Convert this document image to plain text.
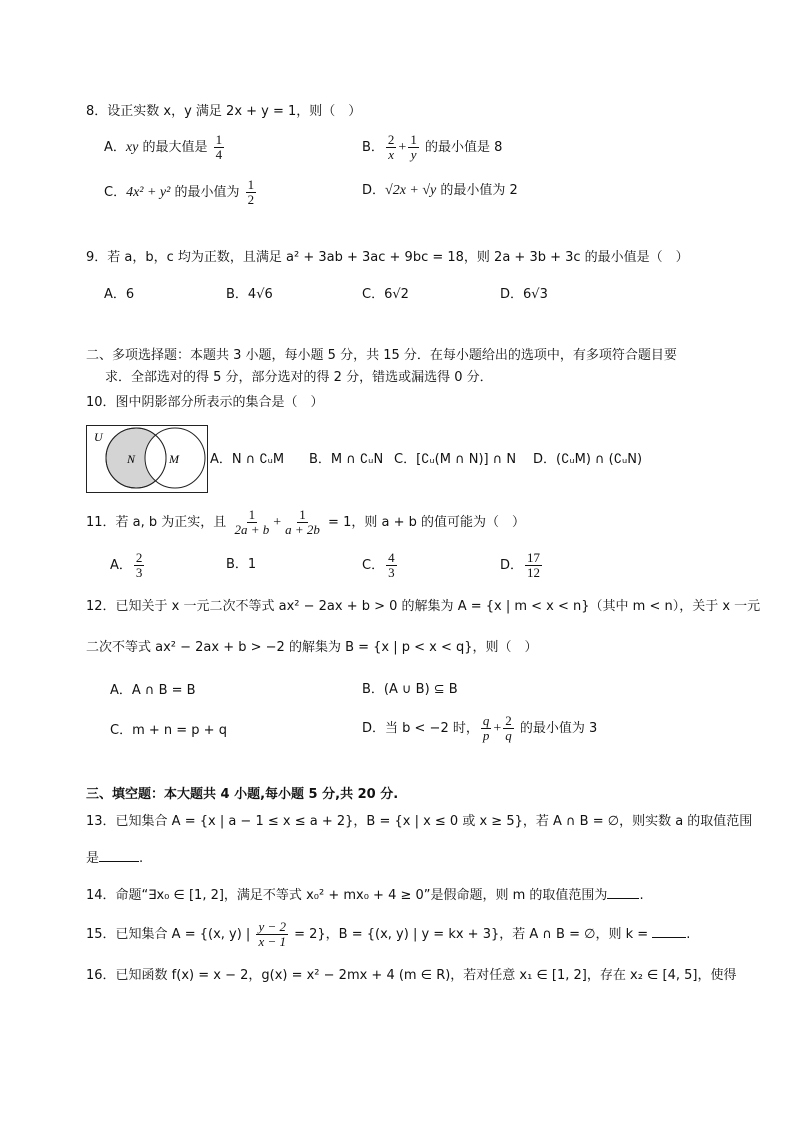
8．设正实数 x，y 满足 2x + y = 1，则（　）
A．xy 的最大值是 $\frac{1}{4}$	B． $\frac{2}{x} + \frac{1}{y}$ 的最小值是 8
C．4x² + y² 的最小值为 $\frac{1}{2}$	D．√2x + √y 的最小值为 2
9．若 a，b，c 均为正数，且满足 a² + 3ab + 3ac + 9bc = 18，则 2a + 3b + 3c 的最小值是（　）
A．6	B．4√6	C．6√2	D．6√3
二、多项选择题：本题共 3 小题，每小题 5 分，共 15 分．在每小题给出的选项中，有多项符合题目要
求．全部选对的得 5 分，部分选对的得 2 分，错选或漏选得 0 分．
10．图中阴影部分所表示的集合是（　）
U
N	M A．N ∩ ∁ᵤM B．M ∩ ∁ᵤN C．[∁ᵤ(M ∩ N)] ∩ N D．(∁ᵤM) ∩ (∁ᵤN)
11．若 a, b 为正实，且 $\frac{1}{2a + b} + \frac{1}{a + 2b} = 1$，则 a + b 的值可能为（　）
A． $\frac{2}{3}$	B．1	C． $\frac{4}{3}$	D． $\frac{17}{12}$
12．已知关于 x 一元二次不等式 ax² − 2ax + b > 0 的解集为 A = {x | m < x < n}（其中 m < n），关于 x 一元
二次不等式 ax² − 2ax + b > −2 的解集为 B = {x | p < x < q}，则（　）
A．A ∩ B = B	B．(A ∪ B) ⊆ B
C．m + n = p + q	D．当 b < −2 时， $\frac{q}{p} + \frac{2}{q}$ 的最小值为 3
三、填空题：本大题共 4 小题,每小题 5 分,共 20 分.
13．已知集合 A = {x | a − 1 ≤ x ≤ a + 2}，B = {x | x ≤ 0 或 x ≥ 5}，若 A ∩ B = ∅，则实数 a 的取值范围
是	.
14．命题“∃x₀ ∈ [1, 2]，满足不等式 x₀² + mx₀ + 4 ≥ 0”是假命题，则 m 的取值范围为 .
15．已知集合 A = {(x, y) | $\frac{y - 2}{x - 1} = 2$}，B = {(x, y) | y = kx + 3}，若 A ∩ B = ∅，则 k =	.
16．已知函数 f(x) = x − 2，g(x) = x² − 2mx + 4 (m ∈ R)，若对任意 x₁ ∈ [1, 2]，存在 x₂ ∈ [4, 5]，使得
